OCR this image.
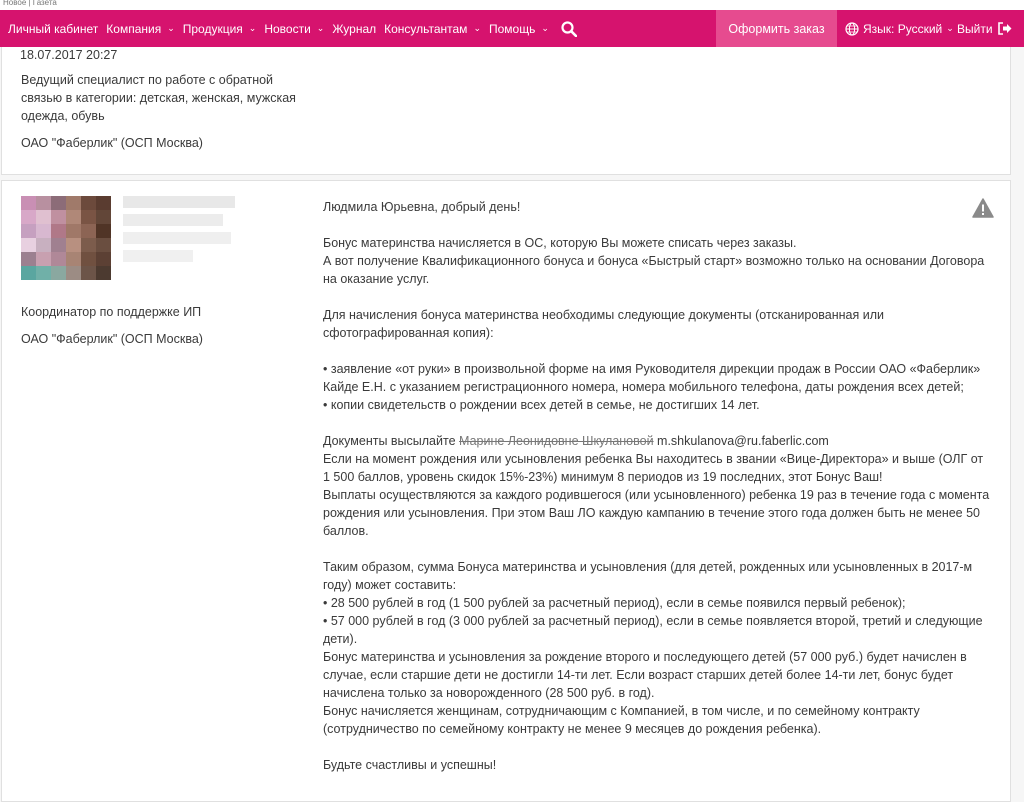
Новое | Газета
Личный кабинет Компания ⌄ Продукция ⌄ Новости ⌄ Журнал Консультантам ⌄ Помощь ⌄	Оформить заказ	Язык: Русский ⌄ Выйти
18.07.2017 20:27
Ведущий специалист по работе с обратной связью в категории: детская, женская, мужская одежда, обувь
ОАО "Фаберлик" (ОСП Москва)
Координатор по поддержке ИП
ОАО "Фаберлик" (ОСП Москва)

Людмила Юрьевна, добрый день!

Бонус материнства начисляется в ОС, которую Вы можете списать через заказы.

А вот получение Квалификационного бонуса и бонуса «Быстрый старт» возможно только на основании Договора на оказание услуг.

Для начисления бонуса материнства необходимы следующие документы (отсканированная или сфотографированная копия):

• заявление «от руки» в произвольной форме на имя Руководителя дирекции продаж в России ОАО «Фаберлик» Кайде Е.Н. с указанием регистрационного номера, номера мобильного телефона, даты рождения всех детей;

• копии свидетельств о рождении всех детей в семье, не достигших 14 лет.

Документы высылайте Марине Леонидовне Шкулановой m.shkulanova@ru.faberlic.com

Если на момент рождения или усыновления ребенка Вы находитесь в звании «Вице-Директора» и выше (ОЛГ от 1 500 баллов, уровень скидок 15%-23%) минимум 8 периодов из 19 последних, этот Бонус Ваш!

Выплаты осуществляются за каждого родившегося (или усыновленного) ребенка 19 раз в течение года с момента рождения или усыновления. При этом Ваш ЛО каждую кампанию в течение этого года должен быть не менее 50 баллов.

Таким образом, сумма Бонуса материнства и усыновления (для детей, рожденных или усыновленных в 2017-м году) может составить:

• 28 500 рублей в год (1 500 рублей за расчетный период), если в семье появился первый ребенок);

• 57 000 рублей в год (3 000 рублей за расчетный период), если в семье появляется второй, третий и следующие дети).

Бонус материнства и усыновления за рождение второго и последующего детей (57 000 руб.) будет начислен в случае, если старшие дети не достигли 14-ти лет. Если возраст старших детей более 14-ти лет, бонус будет начислена только за новорожденного (28 500 руб. в год).

Бонус начисляется женщинам, сотрудничающим с Компанией, в том числе, и по семейному контракту (сотрудничество по семейному контракту не менее 9 месяцев до рождения ребенка).

Будьте счастливы и успешны!
